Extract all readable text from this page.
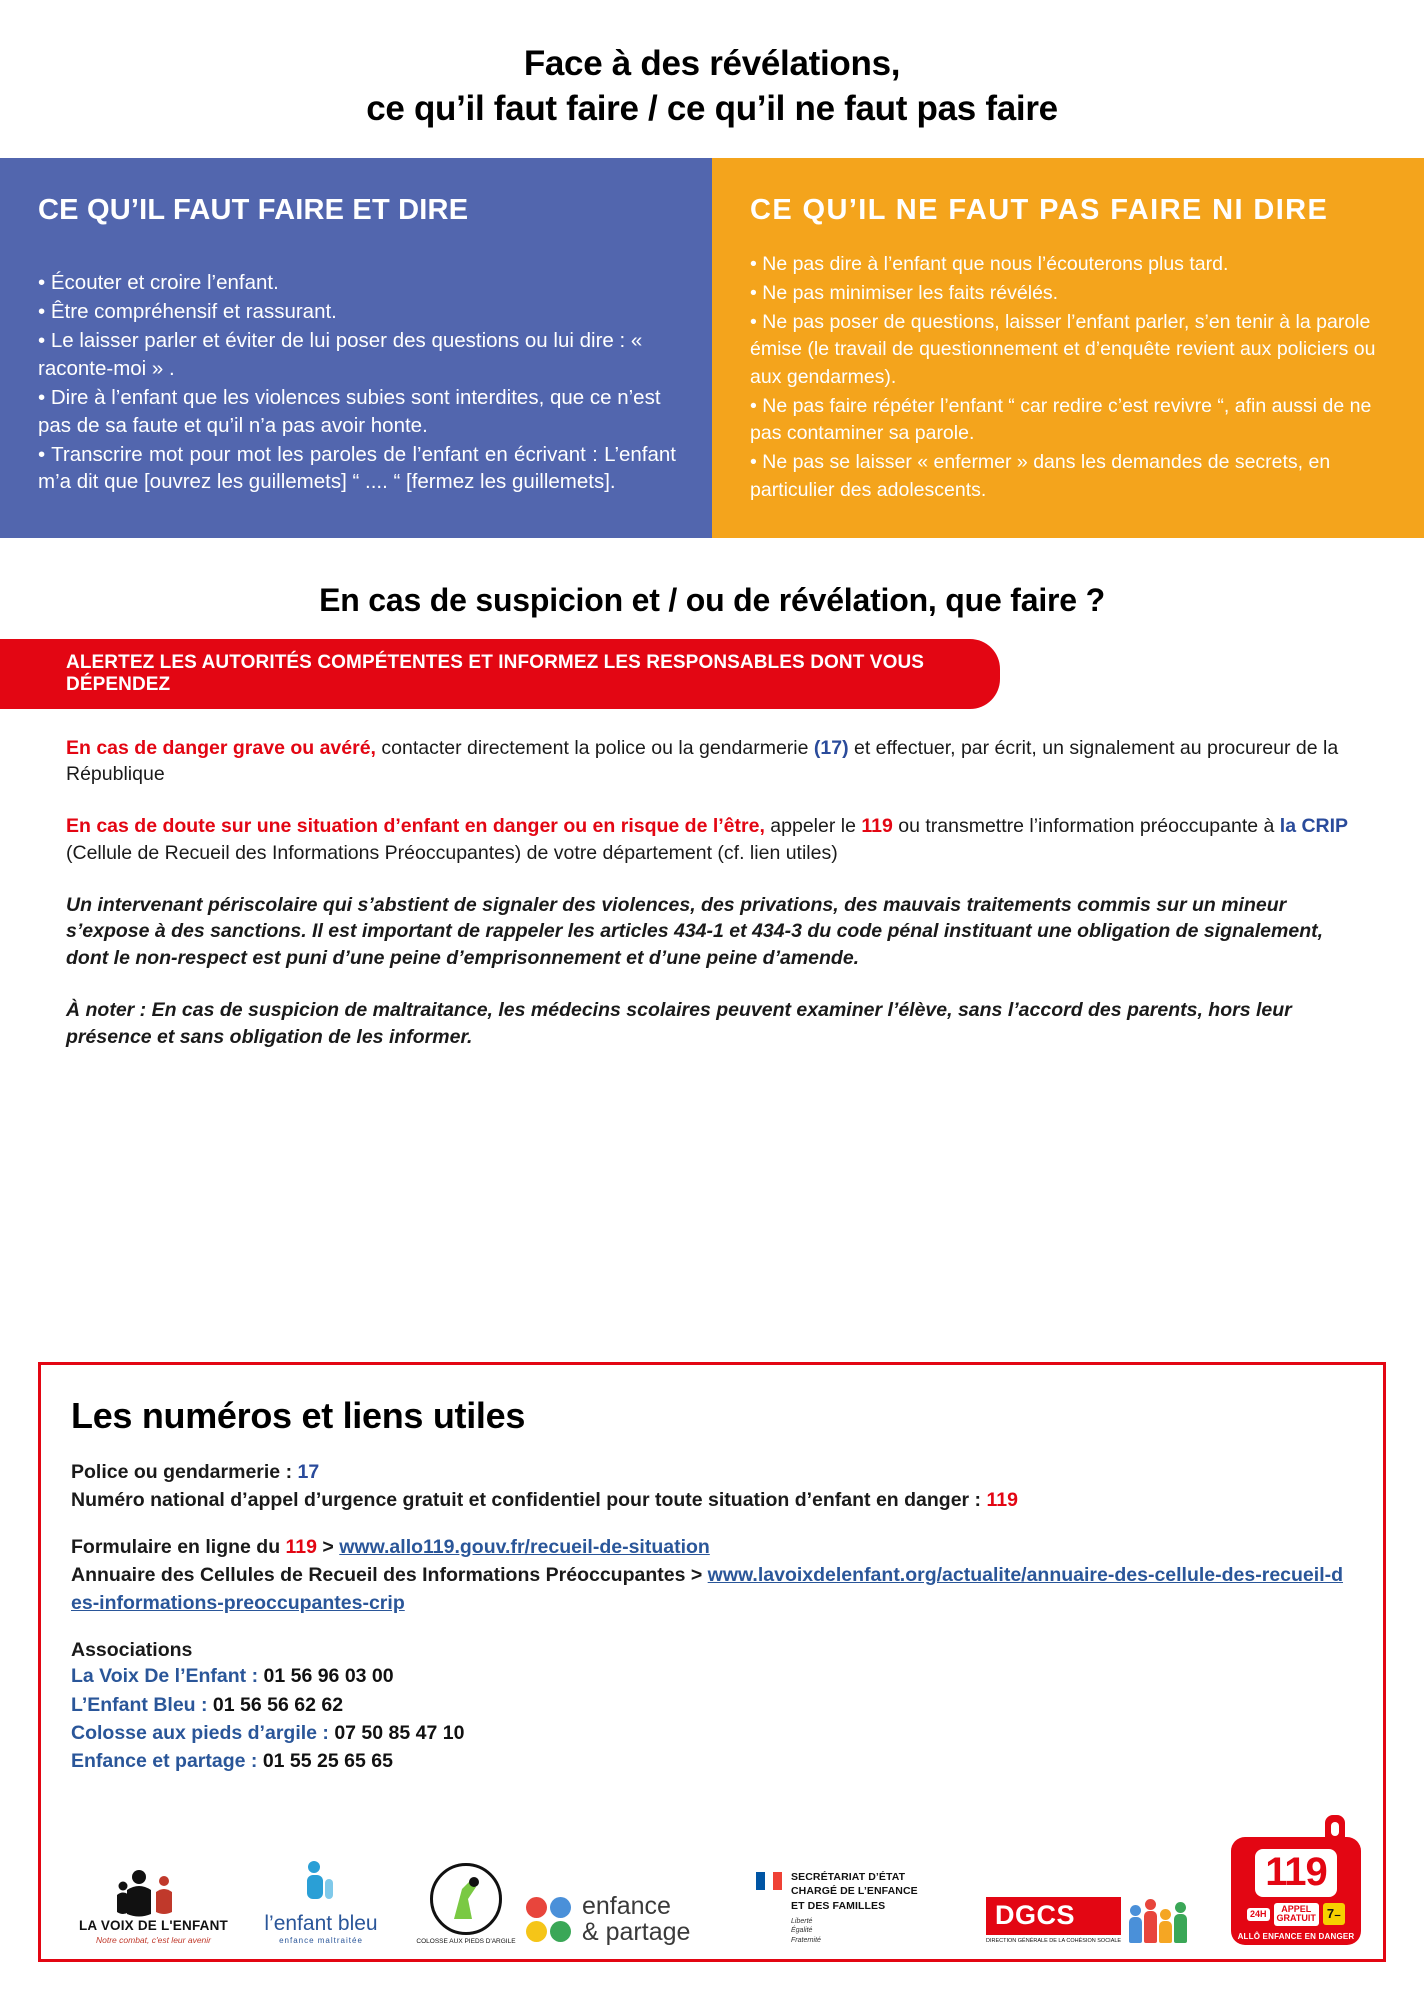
Face à des révélations,
ce qu’il faut faire / ce qu’il ne faut pas faire
CE QU’IL FAUT FAIRE ET DIRE
• Écouter et croire l’enfant.
• Être compréhensif et rassurant.
• Le laisser parler et éviter de lui poser des questions ou lui dire : « raconte-moi » .
• Dire à l’enfant que les violences subies sont interdites, que ce n’est pas de sa faute et qu’il n’a pas avoir honte.
• Transcrire mot pour mot les paroles de l’enfant en écrivant : L’enfant m’a dit que [ouvrez les guillemets] “ .... “ [fermez les guillemets].
CE QU’IL NE FAUT PAS FAIRE NI DIRE
• Ne pas dire à l’enfant que nous l’écouterons plus tard.
• Ne pas minimiser les faits révélés.
• Ne pas poser de questions, laisser l’enfant parler, s’en tenir à la parole émise (le travail de questionnement et d’enquête revient aux policiers ou aux gendarmes).
• Ne pas faire répéter l’enfant “ car redire c’est revivre “, afin aussi de ne pas contaminer sa parole.
• Ne pas se laisser « enfermer » dans les demandes de secrets, en particulier des adolescents.
En cas de suspicion et / ou de révélation, que faire ?
ALERTEZ LES AUTORITÉS COMPÉTENTES ET INFORMEZ LES RESPONSABLES DONT VOUS DÉPENDEZ

En cas de danger grave ou avéré, contacter directement la police ou la gendarmerie (17) et effectuer, par écrit, un signalement au procureur de la République

En cas de doute sur une situation d’enfant en danger ou en risque de l’être, appeler le 119 ou transmettre l’information préoccupante à la CRIP (Cellule de Recueil des Informations Préoccupantes) de votre département (cf. lien utiles)

Un intervenant périscolaire qui s’abstient de signaler des violences, des privations, des mauvais traitements commis sur un mineur s’expose à des sanctions. Il est important de rappeler les articles 434-1 et 434-3 du code pénal instituant une obligation de signalement, dont le non-respect est puni d’une peine d’emprisonnement et d’une peine d’amende.

À noter : En cas de suspicion de maltraitance, les médecins scolaires peuvent examiner l’élève, sans l’accord des parents, hors leur présence et sans obligation de les informer.

Les numéros et liens utiles
Police ou gendarmerie : 17
Numéro national d’appel d’urgence gratuit et confidentiel pour toute situation d’enfant en danger : 119
Formulaire en ligne du 119 > www.allo119.gouv.fr/recueil-de-situation
Annuaire des Cellules de Recueil des Informations Préoccupantes > www.lavoixdelenfant.org/actualite/annuaire-des-cellule-des-recueil-des-informations-preoccupantes-crip
Associations
La Voix De l’Enfant : 01 56 96 03 00
L’Enfant Bleu : 01 56 56 62 62
Colosse aux pieds d’argile : 07 50 85 47 10
Enfance et partage : 01 55 25 65 65
LA VOIX DE L'ENFANT
Notre combat, c'est leur avenir
l’enfant bleu
enfance maltraitée	COLOSSE AUX PIEDS D'ARGILE
enfance
& partage
SECRÉTARIAT D’ÉTAT
CHARGÉ DE L’ENFANCE
ET DES FAMILLES
Liberté
Égalité
Fraternité
DGCS
DIRECTION GÉNÉRALE DE LA COHÉSION SOCIALE
119
24H	APPEL
GRATUIT 7₋
ALLÔ ENFANCE EN DANGER
